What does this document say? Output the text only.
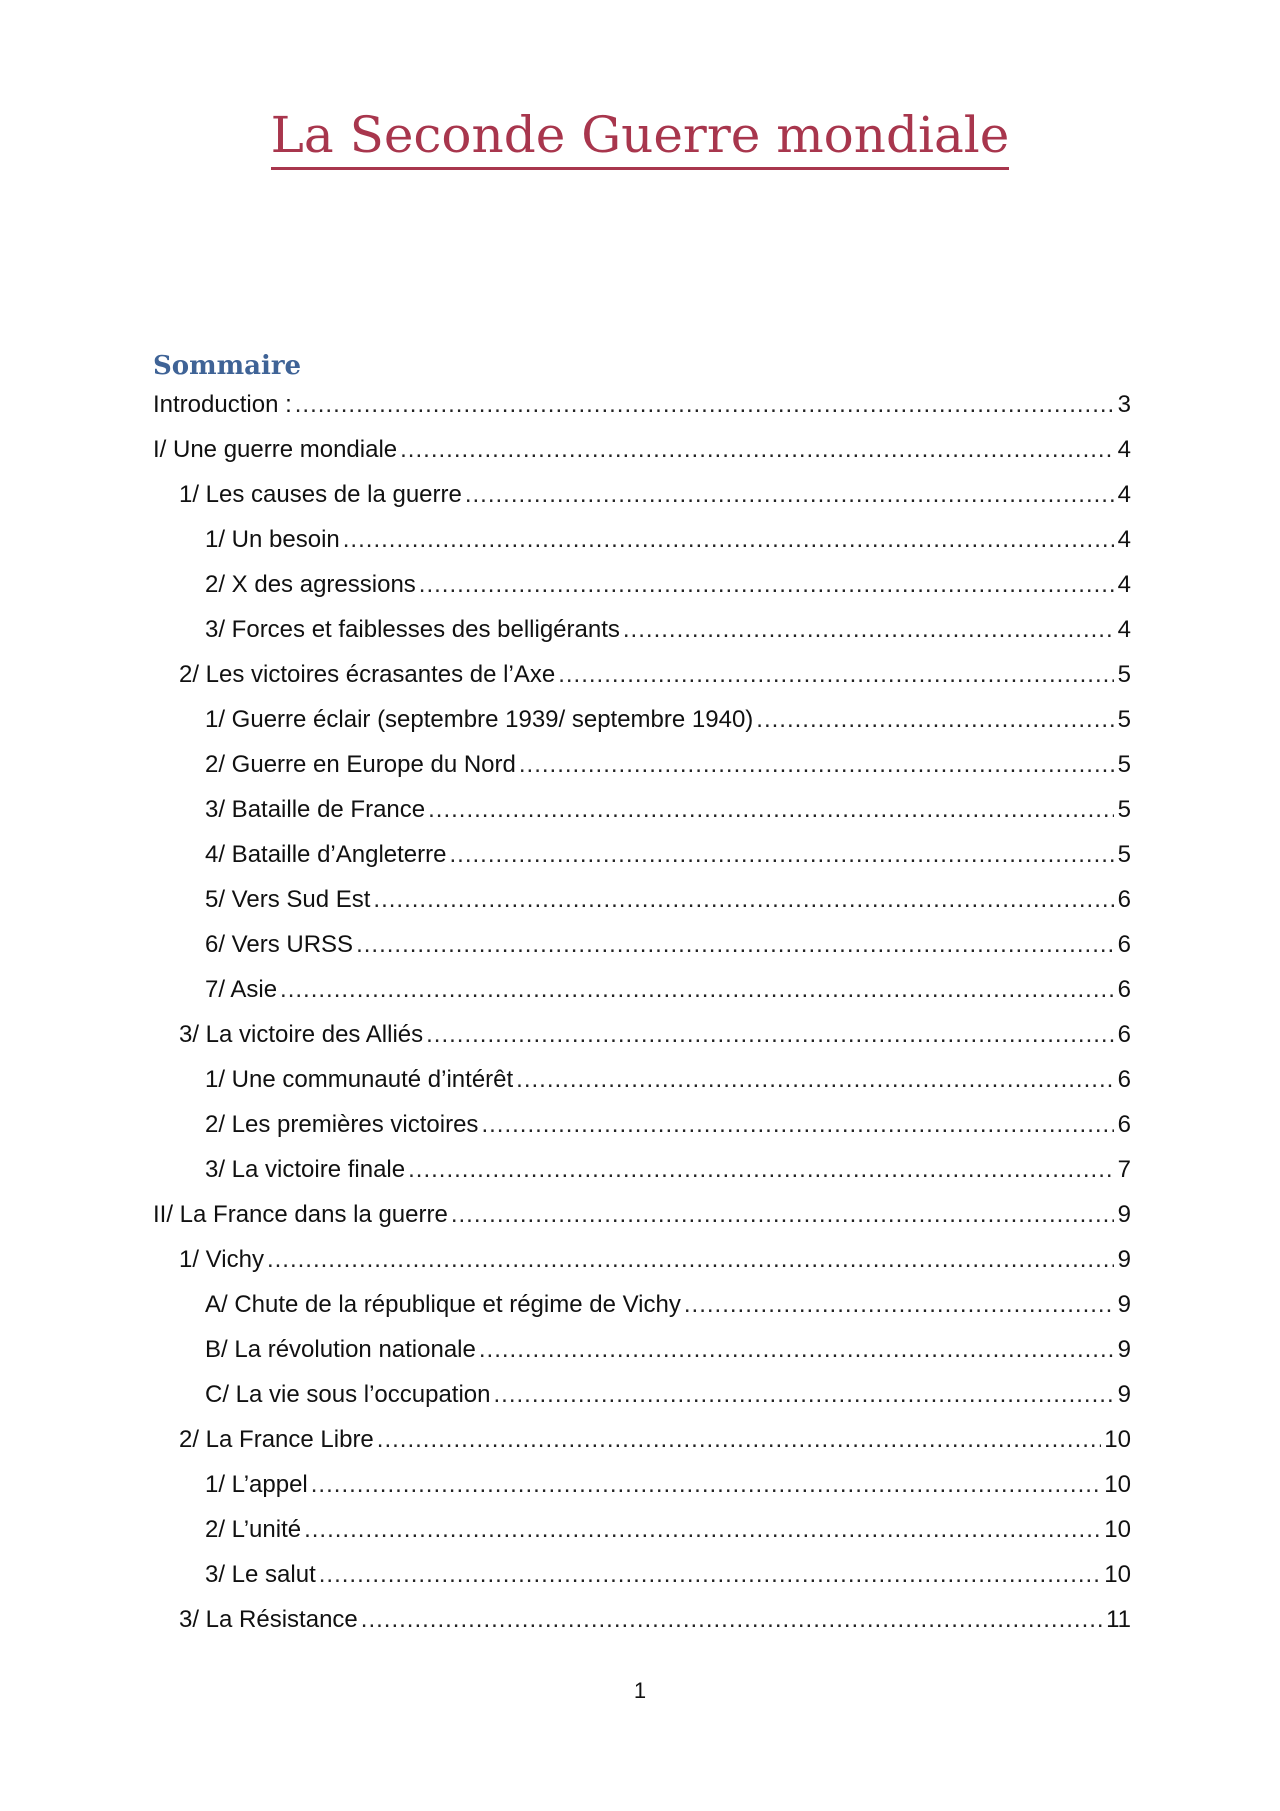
La Seconde Guerre mondiale
Sommaire
Introduction : .....	3
I/ Une guerre mondiale .....	4
1/ Les causes de la guerre .....	4
1/ Un besoin .....	4
2/ X des agressions .....	4
3/ Forces et faiblesses des belligérants .....	4
2/ Les victoires écrasantes de l’Axe .....	5
1/ Guerre éclair (septembre 1939/ septembre 1940) .....	5
2/ Guerre en Europe du Nord .....	5
3/ Bataille de France .....	5
4/ Bataille d’Angleterre .....	5
5/ Vers Sud Est .....	6
6/ Vers URSS .....	6
7/ Asie .....	6
3/ La victoire des Alliés .....	6
1/ Une communauté d’intérêt .....	6
2/ Les premières victoires .....	6
3/ La victoire finale .....	7
II/ La France dans la guerre .....	9
1/ Vichy .....	9
A/ Chute de la république et régime de Vichy .....	9
B/ La révolution nationale .....	9
C/ La vie sous l’occupation .....	9
2/ La France Libre .....	10
1/ L’appel .....	10
2/ L’unité .....	10
3/ Le salut .....	10
3/ La Résistance .....	11
1
